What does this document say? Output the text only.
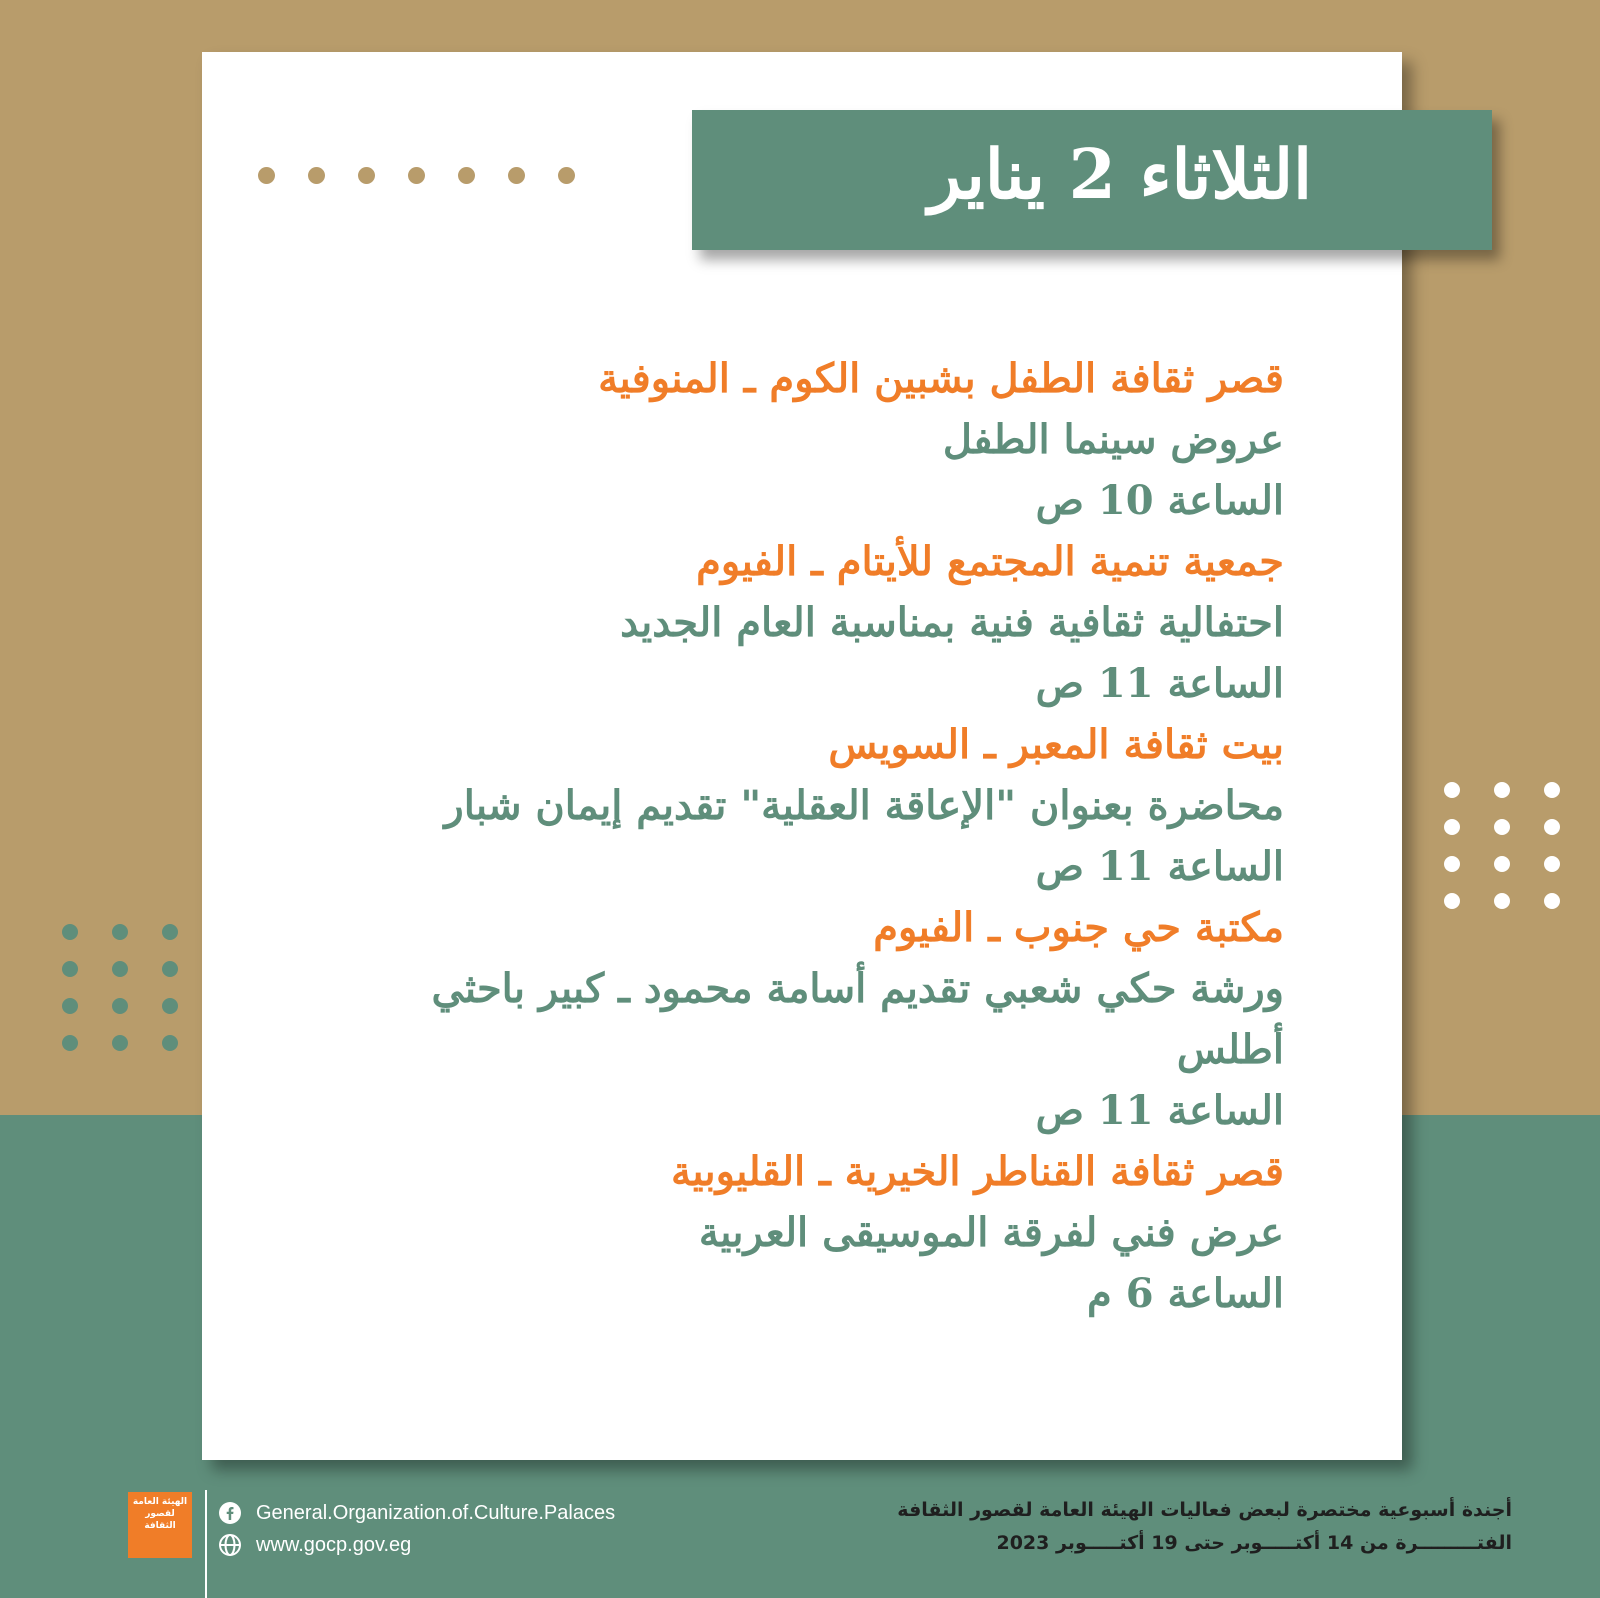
الثلاثاء 2 يناير
قصر ثقافة الطفل بشبين الكوم ـ المنوفية
عروض سينما الطفل
الساعة 10 ص
جمعية تنمية المجتمع للأيتام ـ الفيوم
احتفالية ثقافية فنية بمناسبة العام الجديد
الساعة 11 ص
بيت ثقافة المعبر ـ السويس
محاضرة بعنوان "الإعاقة العقلية" تقديم إيمان شبار
الساعة 11 ص
مكتبة حي جنوب ـ الفيوم
ورشة حكي شعبي تقديم أسامة محمود ـ كبير باحثي أطلس
الساعة 11 ص
قصر ثقافة القناطر الخيرية ـ القليوبية
عرض فني لفرقة الموسيقى العربية
الساعة 6 م
الهيئة العامة لقصور الثقافة
General.Organization.of.Culture.Palaces
www.gocp.gov.eg
أجندة أسبوعية مختصرة لبعض فعاليات الهيئة العامة لقصور الثقافة
الفتـــــــــرة من 14 أكتـــــوبر حتى 19 أكتـــــوبر 2023
